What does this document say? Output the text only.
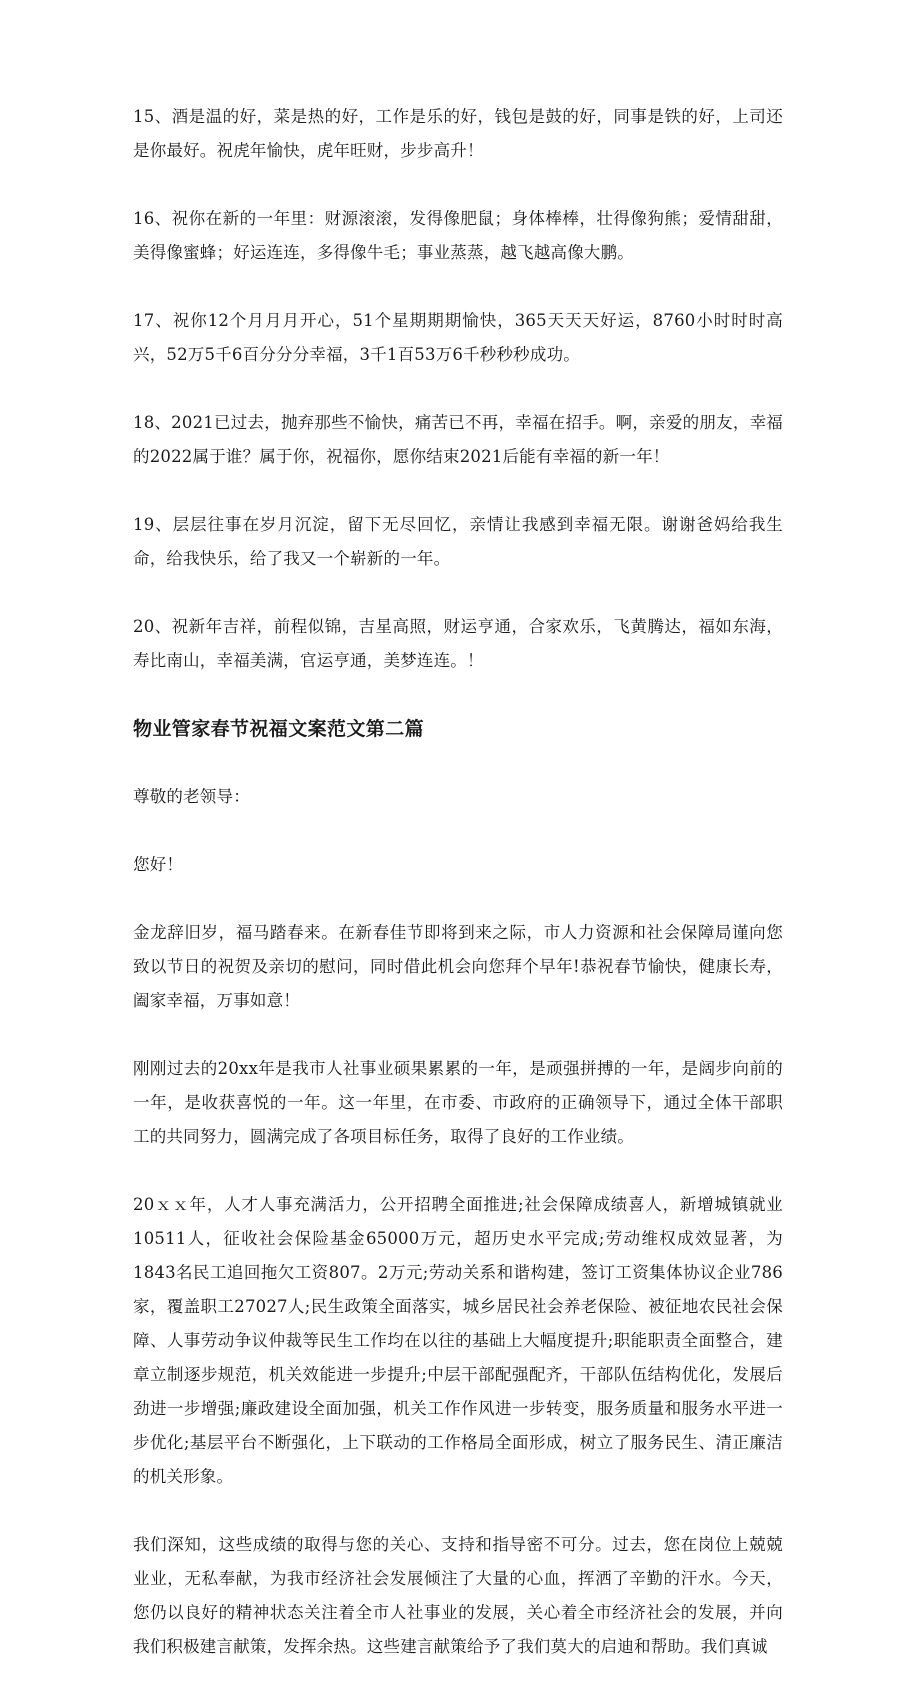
15、酒是温的好，菜是热的好，工作是乐的好，钱包是鼓的好，同事是铁的好，上司还是你最好。祝虎年愉快，虎年旺财，步步高升！

16、祝你在新的一年里：财源滚滚，发得像肥鼠；身体棒棒，壮得像狗熊；爱情甜甜，美得像蜜蜂；好运连连，多得像牛毛；事业蒸蒸，越飞越高像大鹏。

17、祝你12个月月月开心，51个星期期期愉快，365天天天好运，8760小时时时高兴，52万5千6百分分分幸福，3千1百53万6千秒秒秒成功。

18、2021已过去，抛弃那些不愉快，痛苦已不再，幸福在招手。啊，亲爱的朋友，幸福的2022属于谁？属于你，祝福你，愿你结束2021后能有幸福的新一年！

19、层层往事在岁月沉淀，留下无尽回忆，亲情让我感到幸福无限。谢谢爸妈给我生命，给我快乐，给了我又一个崭新的一年。

20、祝新年吉祥，前程似锦，吉星高照，财运亨通，合家欢乐，飞黄腾达，福如东海，寿比南山，幸福美满，官运亨通，美梦连连。！

物业管家春节祝福文案范文第二篇

尊敬的老领导：

您好！

金龙辞旧岁，福马踏春来。在新春佳节即将到来之际，市人力资源和社会保障局谨向您致以节日的祝贺及亲切的慰问，同时借此机会向您拜个早年!恭祝春节愉快，健康长寿，阖家幸福，万事如意！

刚刚过去的20xx年是我市人社事业硕果累累的一年，是顽强拼搏的一年，是阔步向前的一年，是收获喜悦的一年。这一年里，在市委、市政府的正确领导下，通过全体干部职工的共同努力，圆满完成了各项目标任务，取得了良好的工作业绩。

20ｘｘ年，人才人事充满活力，公开招聘全面推进;社会保障成绩喜人，新增城镇就业10511人，征收社会保险基金65000万元，超历史水平完成;劳动维权成效显著，为1843名民工追回拖欠工资807。2万元;劳动关系和谐构建，签订工资集体协议企业786家，覆盖职工27027人;民生政策全面落实，城乡居民社会养老保险、被征地农民社会保障、人事劳动争议仲裁等民生工作均在以往的基础上大幅度提升;职能职责全面整合，建章立制逐步规范，机关效能进一步提升;中层干部配强配齐，干部队伍结构优化，发展后劲进一步增强;廉政建设全面加强，机关工作作风进一步转变，服务质量和服务水平进一步优化;基层平台不断强化，上下联动的工作格局全面形成，树立了服务民生、清正廉洁的机关形象。

我们深知，这些成绩的取得与您的关心、支持和指导密不可分。过去，您在岗位上兢兢业业，无私奉献，为我市经济社会发展倾注了大量的心血，挥洒了辛勤的汗水。今天，您仍以良好的精神状态关注着全市人社事业的发展，关心着全市经济社会的发展，并向我们积极建言献策，发挥余热。这些建言献策给予了我们莫大的启迪和帮助。我们真诚
